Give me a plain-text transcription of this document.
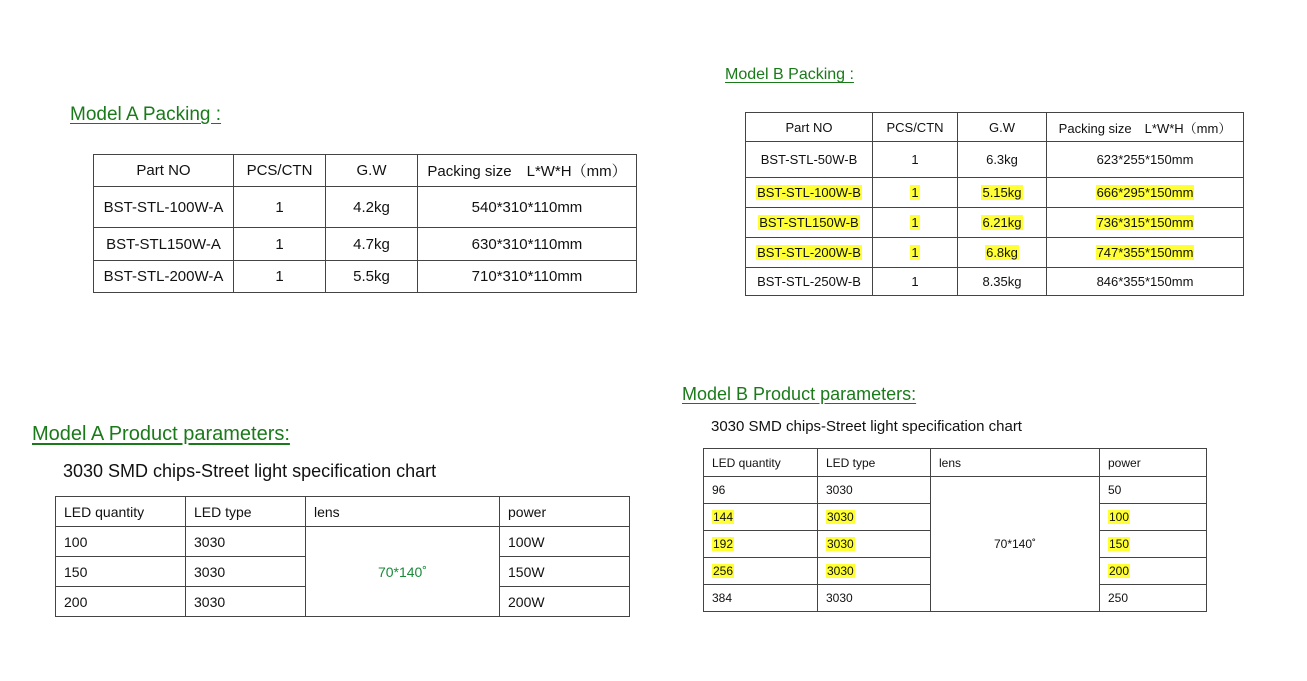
Model A Packing :
Part NO	PCS/CTN	G.W	Packing size　L*W*H（mm）
BST-STL-100W-A	1	4.2kg	540*310*110mm
BST-STL150W-A	1	4.7kg	630*310*110mm
BST-STL-200W-A	1	5.5kg	710*310*110mm
Model B Packing :
Part NO	PCS/CTN	G.W	Packing size　L*W*H（mm）
BST-STL-50W-B	1	6.3kg	623*255*150mm
BST-STL-100W-B	1	5.15kg	666*295*150mm
BST-STL150W-B	1	6.21kg	736*315*150mm
BST-STL-200W-B	1	6.8kg	747*355*150mm
BST-STL-250W-B	1	8.35kg	846*355*150mm
Model A Product parameters:
3030 SMD chips-Street light specification chart
LED quantity	LED type	lens	power
100	3030	70*140˚	100W
150	3030		150W
200	3030		200W
Model B Product parameters:
3030 SMD chips-Street light specification chart
LED quantity	LED type	lens	power
96	3030	70*140˚	50
144	3030		100
192	3030		150
256	3030		200
384	3030		250
